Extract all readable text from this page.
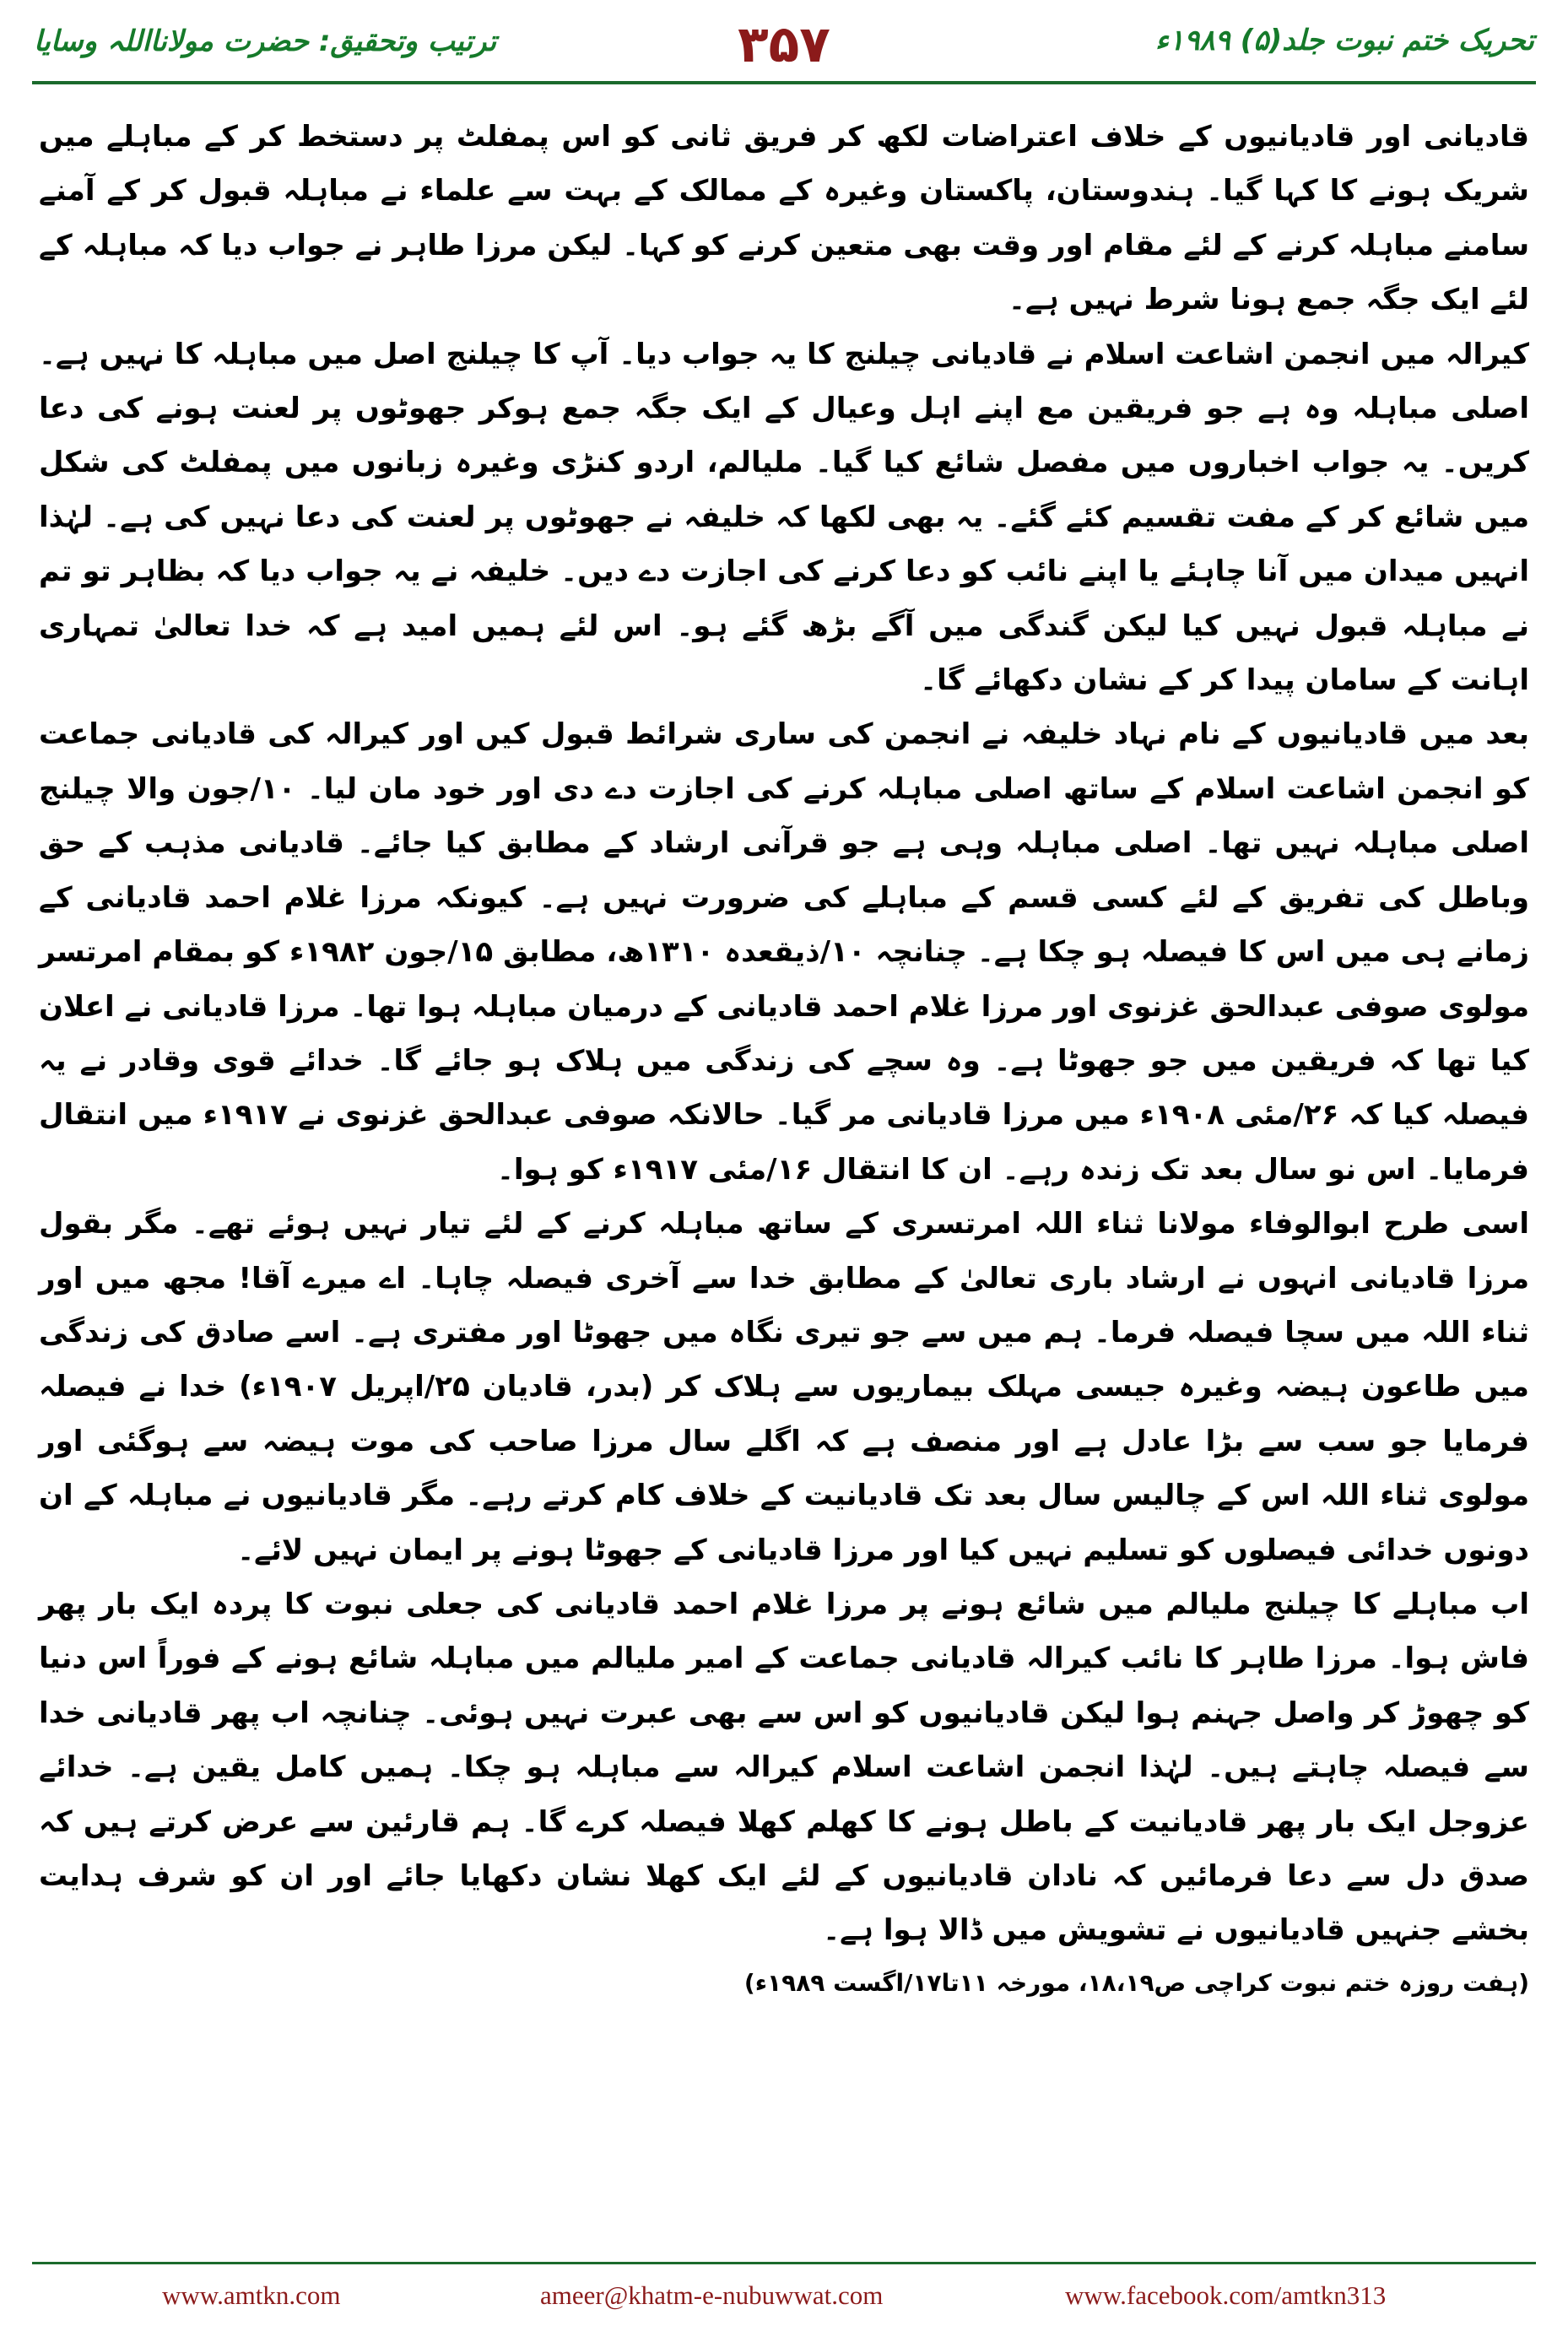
ترتیب وتحقیق: حضرت مولانااللہ وسایا	۳۵۷	تحریک ختم نبوت جلد(۵) ۱۹۸۹ء

قادیانی اور قادیانیوں کے خلاف اعتراضات لکھ کر فریق ثانی کو اس پمفلٹ پر دستخط کر کے مباہلے میں شریک ہونے کا کہا گیا۔ ہندوستان، پاکستان وغیرہ کے ممالک کے بہت سے علماء نے مباہلہ قبول کر کے آمنے سامنے مباہلہ کرنے کے لئے مقام اور وقت بھی متعین کرنے کو کہا۔ لیکن مرزا طاہر نے جواب دیا کہ مباہلہ کے لئے ایک جگہ جمع ہونا شرط نہیں ہے۔

کیرالہ میں انجمن اشاعت اسلام نے قادیانی چیلنج کا یہ جواب دیا۔ آپ کا چیلنج اصل میں مباہلہ کا نہیں ہے۔ اصلی مباہلہ وہ ہے جو فریقین مع اپنے اہل وعیال کے ایک جگہ جمع ہوکر جھوٹوں پر لعنت ہونے کی دعا کریں۔ یہ جواب اخباروں میں مفصل شائع کیا گیا۔ ملیالم، اردو کنڑی وغیرہ زبانوں میں پمفلٹ کی شکل میں شائع کر کے مفت تقسیم کئے گئے۔ یہ بھی لکھا کہ خلیفہ نے جھوٹوں پر لعنت کی دعا نہیں کی ہے۔ لہٰذا انہیں میدان میں آنا چاہئے یا اپنے نائب کو دعا کرنے کی اجازت دے دیں۔ خلیفہ نے یہ جواب دیا کہ بظاہر تو تم نے مباہلہ قبول نہیں کیا لیکن گندگی میں آگے بڑھ گئے ہو۔ اس لئے ہمیں امید ہے کہ خدا تعالیٰ تمہاری اہانت کے سامان پیدا کر کے نشان دکھائے گا۔

بعد میں قادیانیوں کے نام نہاد خلیفہ نے انجمن کی ساری شرائط قبول کیں اور کیرالہ کی قادیانی جماعت کو انجمن اشاعت اسلام کے ساتھ اصلی مباہلہ کرنے کی اجازت دے دی اور خود مان لیا۔ ۱۰/جون والا چیلنج اصلی مباہلہ نہیں تھا۔ اصلی مباہلہ وہی ہے جو قرآنی ارشاد کے مطابق کیا جائے۔ قادیانی مذہب کے حق وباطل کی تفریق کے لئے کسی قسم کے مباہلے کی ضرورت نہیں ہے۔ کیونکہ مرزا غلام احمد قادیانی کے زمانے ہی میں اس کا فیصلہ ہو چکا ہے۔ چنانچہ ۱۰/ذیقعدہ ۱۳۱۰ھ، مطابق ۱۵/جون ۱۹۸۲ء کو بمقام امرتسر مولوی صوفی عبدالحق غزنوی اور مرزا غلام احمد قادیانی کے درمیان مباہلہ ہوا تھا۔ مرزا قادیانی نے اعلان کیا تھا کہ فریقین میں جو جھوٹا ہے۔ وہ سچے کی زندگی میں ہلاک ہو جائے گا۔ خدائے قوی وقادر نے یہ فیصلہ کیا کہ ۲۶/مئی ۱۹۰۸ء میں مرزا قادیانی مر گیا۔ حالانکہ صوفی عبدالحق غزنوی نے ۱۹۱۷ء میں انتقال فرمایا۔ اس نو سال بعد تک زندہ رہے۔ ان کا انتقال ۱۶/مئی ۱۹۱۷ء کو ہوا۔

اسی طرح ابوالوفاء مولانا ثناء اللہ امرتسری کے ساتھ مباہلہ کرنے کے لئے تیار نہیں ہوئے تھے۔ مگر بقول مرزا قادیانی انہوں نے ارشاد باری تعالیٰ کے مطابق خدا سے آخری فیصلہ چاہا۔ اے میرے آقا! مجھ میں اور ثناء اللہ میں سچا فیصلہ فرما۔ ہم میں سے جو تیری نگاہ میں جھوٹا اور مفتری ہے۔ اسے صادق کی زندگی میں طاعون ہیضہ وغیرہ جیسی مہلک بیماریوں سے ہلاک کر (بدر، قادیان ۲۵/اپریل ۱۹۰۷ء) خدا نے فیصلہ فرمایا جو سب سے بڑا عادل ہے اور منصف ہے کہ اگلے سال مرزا صاحب کی موت ہیضہ سے ہوگئی اور مولوی ثناء اللہ اس کے چالیس سال بعد تک قادیانیت کے خلاف کام کرتے رہے۔ مگر قادیانیوں نے مباہلہ کے ان دونوں خدائی فیصلوں کو تسلیم نہیں کیا اور مرزا قادیانی کے جھوٹا ہونے پر ایمان نہیں لائے۔

اب مباہلے کا چیلنج ملیالم میں شائع ہونے پر مرزا غلام احمد قادیانی کی جعلی نبوت کا پردہ ایک بار پھر فاش ہوا۔ مرزا طاہر کا نائب کیرالہ قادیانی جماعت کے امیر ملیالم میں مباہلہ شائع ہونے کے فوراً اس دنیا کو چھوڑ کر واصل جہنم ہوا لیکن قادیانیوں کو اس سے بھی عبرت نہیں ہوئی۔ چنانچہ اب پھر قادیانی خدا سے فیصلہ چاہتے ہیں۔ لہٰذا انجمن اشاعت اسلام کیرالہ سے مباہلہ ہو چکا۔ ہمیں کامل یقین ہے۔ خدائے عزوجل ایک بار پھر قادیانیت کے باطل ہونے کا کھلم کھلا فیصلہ کرے گا۔ ہم قارئین سے عرض کرتے ہیں کہ صدق دل سے دعا فرمائیں کہ نادان قادیانیوں کے لئے ایک کھلا نشان دکھایا جائے اور ان کو شرف ہدایت بخشے جنہیں قادیانیوں نے تشویش میں ڈالا ہوا ہے۔

(ہفت روزہ ختم نبوت کراچی ص۱۸،۱۹، مورخہ ۱۱تا۱۷/اگست ۱۹۸۹ء)

www.amtkn.com	ameer@khatm-e-nubuwwat.com	www.facebook.com/amtkn313
